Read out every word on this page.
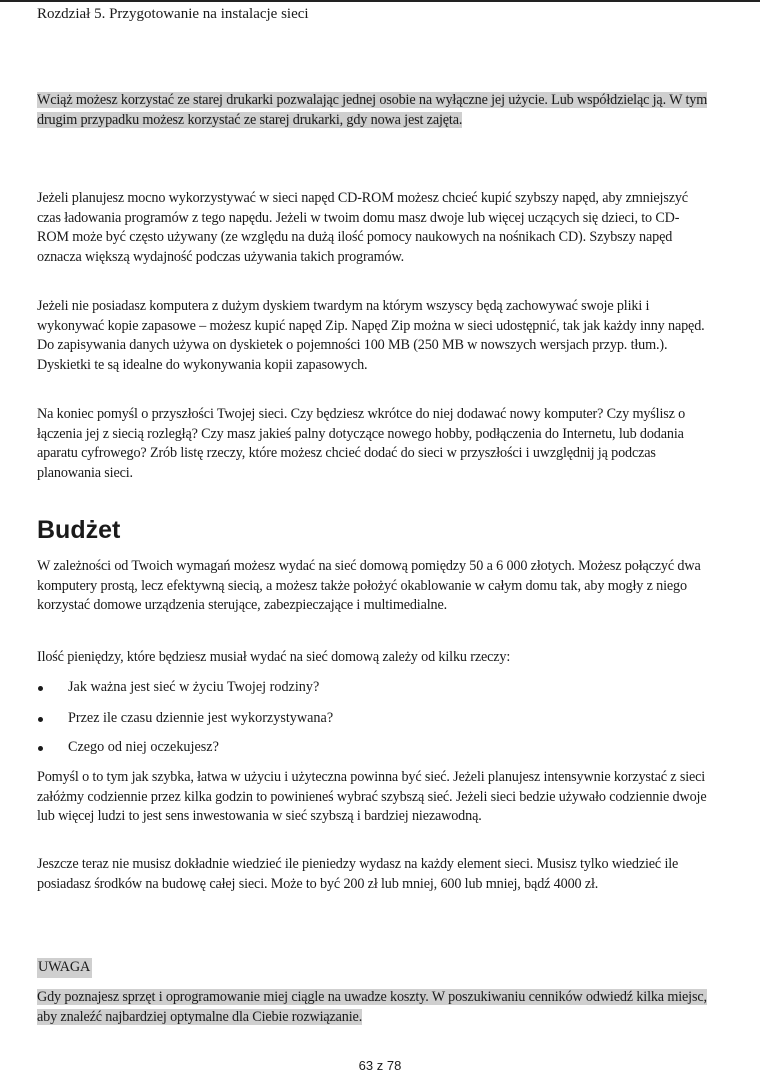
Rozdział 5. Przygotowanie na instalacje sieci

Wciąż możesz korzystać ze starej drukarki pozwalając jednej osobie na wyłączne jej użycie. Lub współdzieląc ją. W tym drugim przypadku możesz korzystać ze starej drukarki, gdy nowa jest zajęta.

Jeżeli planujesz mocno wykorzystywać w sieci napęd CD-ROM możesz chcieć kupić szybszy napęd, aby zmniejszyć czas ładowania programów z tego napędu. Jeżeli w twoim domu masz dwoje lub więcej uczących się dzieci, to CD-ROM może być często używany (ze względu na dużą ilość pomocy naukowych na nośnikach CD). Szybszy napęd oznacza większą wydajność podczas używania takich programów.

Jeżeli nie posiadasz komputera z dużym dyskiem twardym na którym wszyscy będą zachowywać swoje pliki i wykonywać kopie zapasowe – możesz kupić napęd Zip. Napęd Zip można w sieci udostępnić, tak jak każdy inny napęd. Do zapisywania danych używa on dyskietek o pojemności 100 MB (250 MB w nowszych wersjach przyp. tłum.). Dyskietki te są idealne do wykonywania kopii zapasowych.

Na koniec pomyśl o przyszłości Twojej sieci. Czy będziesz wkrótce do niej dodawać nowy komputer? Czy myślisz o łączenia jej z siecią rozległą? Czy masz jakieś palny dotyczące nowego hobby, podłączenia do Internetu, lub dodania aparatu cyfrowego? Zrób listę rzeczy, które możesz chcieć dodać do sieci w przyszłości i uwzględnij ją podczas planowania sieci.

Budżet

W zależności od Twoich wymagań możesz wydać na sieć domową pomiędzy 50 a 6 000 złotych. Możesz połączyć dwa komputery prostą, lecz efektywną siecią, a możesz także położyć okablowanie w całym domu tak, aby mogły z niego korzystać domowe urządzenia sterujące, zabezpieczające i multimedialne.

Ilość pieniędzy, które będziesz musiał wydać na sieć domową zależy od kilku rzeczy:

Jak ważna jest sieć w życiu Twojej rodziny?
Przez ile czasu dziennie jest wykorzystywana?
Czego od niej oczekujesz?

Pomyśl o to tym jak szybka, łatwa w użyciu i użyteczna powinna być sieć. Jeżeli planujesz intensywnie korzystać z sieci załóżmy codziennie przez kilka godzin to powinieneś wybrać szybszą sieć. Jeżeli sieci bedzie używało codziennie dwoje lub więcej ludzi to jest sens inwestowania w sieć szybszą i bardziej niezawodną.

Jeszcze teraz nie musisz dokładnie wiedzieć ile pieniedzy wydasz na każdy element sieci. Musisz tylko wiedzieć ile posiadasz środków na budowę całej sieci. Może to być 200 zł lub mniej, 600 lub mniej, bądź 4000 zł.

UWAGA

Gdy poznajesz sprzęt i oprogramowanie miej ciągle na uwadze koszty. W poszukiwaniu cenników odwiedź kilka miejsc, aby znaleźć najbardziej optymalne dla Ciebie rozwiązanie.

63 z 78
